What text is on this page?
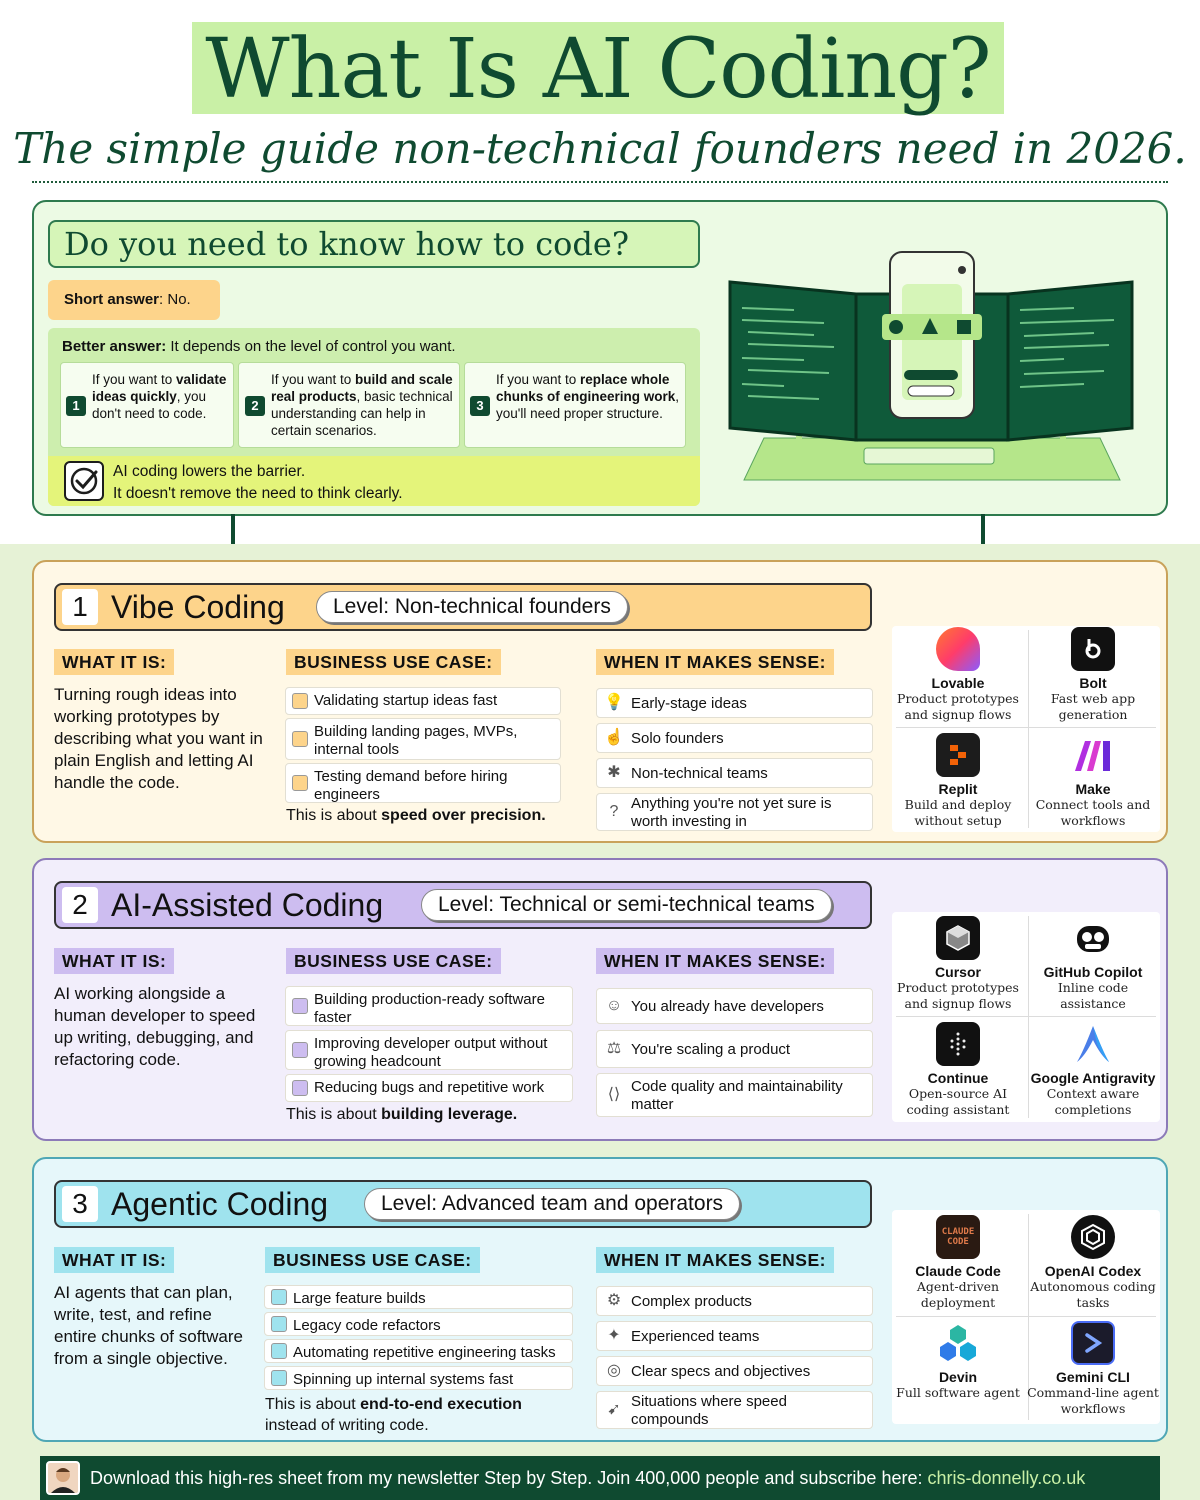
What Is AI Coding?
The simple guide non-technical founders need in 2026.
Do you need to know how to code?
Short answer: No.
Better answer: It depends on the level of control you want.
1
If you want to validate ideas quickly, you don't need to code.
2
If you want to build and scale real products, basic technical understanding can help in certain scenarios.
3
If you want to replace whole chunks of engineering work, you'll need proper structure.
AI coding lowers the barrier.
It doesn't remove the need to think clearly.
1 Vibe Coding	Level: Non-technical founders
WHAT IT IS:
Turning rough ideas into working prototypes by describing what you want in plain English and letting AI handle the code.
BUSINESS USE CASE:
Validating startup ideas fast
Building landing pages, MVPs, internal tools
Testing demand before hiring engineers
This is about speed over precision.
WHEN IT MAKES SENSE:
💡 Early-stage ideas
☝ Solo founders
✱ Non-technical teams
? Anything you're not yet sure is worth investing in
Lovable
Product prototypes and signup flows
Bolt
Fast web app generation
Replit
Build and deploy without setup
Make
Connect tools and workflows
2 AI-Assisted Coding	Level: Technical or semi-technical teams
WHAT IT IS:
AI working alongside a human developer to speed up writing, debugging, and refactoring code.
BUSINESS USE CASE:
Building production-ready software faster
Improving developer output without growing headcount
Reducing bugs and repetitive work
This is about building leverage.
WHEN IT MAKES SENSE:
☺ You already have developers
⚖ You're scaling a product
⟨⟩ Code quality and maintainability matter
Cursor
Product prototypes and signup flows
GitHub Copilot
Inline code assistance
Continue
Open-source AI coding assistant
Google Antigravity
Context aware completions
3 Agentic Coding	Level: Advanced team and operators
WHAT IT IS:
AI agents that can plan, write, test, and refine entire chunks of software from a single objective.
BUSINESS USE CASE:
Large feature builds
Legacy code refactors
Automating repetitive engineering tasks
Spinning up internal systems fast
This is about end-to-end execution instead of writing code.
WHEN IT MAKES SENSE:
⚙ Complex products
✦ Experienced teams
◎ Clear specs and objectives
➹ Situations where speed compounds
CLAUDE CODE
Claude Code
Agent-driven deployment
OpenAI Codex
Autonomous coding tasks
Devin
Full software agent
Gemini CLI
Command-line agent workflows
Download this high-res sheet from my newsletter Step by Step. Join 400,000 people and subscribe here: chris-donnelly.co.uk
